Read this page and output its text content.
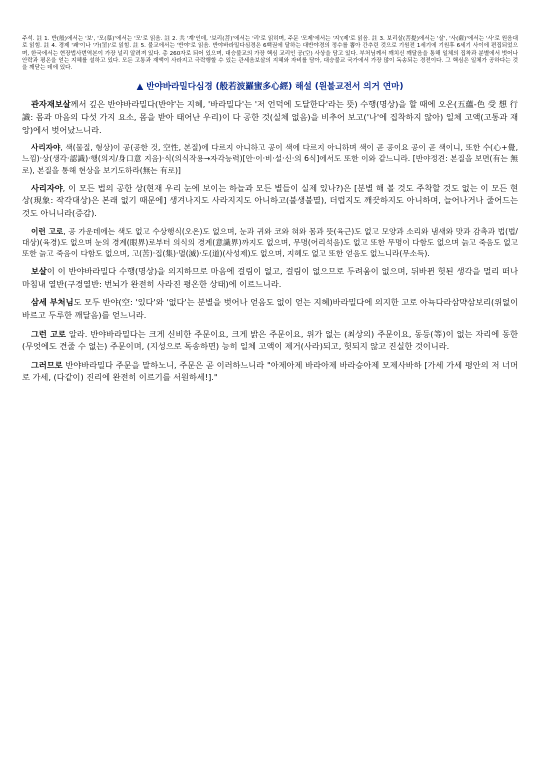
주석. 註 1. 반(般)에서는 '보', '모(慕)'에서는 '모'로 읽음. 註 2. 共 '계'인데, '보리(菩)'에서는 '리'로 읽히며, 주문 '모제'에서는 '지'(제'로 읽음. 註 3. 보리살(菩提)에서는 '살', '사(薩)'에서는 '사'로 원음대로 읽힘. 註 4. 경제 '괘'이나 '가(罣)'로 읽힘. 註 5. 불교에서는 '반야'로 읽음. 반야바라밀다심경은 6백권에 달하는 대반야경의 정수를 뽑아 간추린 것으로 기원전 1세기에 기원후 6세기 사이에 편집되었으며, 한국에서는 현장법사번역본이 가장 널리 알려져 있다. 총 260자로 되어 있으며, 대승불교의 가장 핵심 교리인 공(空) 사상을 담고 있다. 부처님께서 깨치신 깨달음을 통해 일체의 집착과 분별에서 벗어나 안락과 평온을 얻는 지혜를 설하고 있다. 모든 고통과 재액이 사라지고 극락행할 수 있는 관세음보살의 지혜와 자비를 담아, 대승불교 국가에서 가장 많이 독송되는 경전이다. 그 핵심은 일체가 공하다는 것을 깨닫는 데에 있다.
▲ 반야바라밀다심경 (般若波羅蜜多心經) 해설 (원불교전서 의거 연마)
관자재보살께서 깊은 반야바라밀다(반야'는 지혜, '바라밀다'는 '저 언덕에 도달한다'라는 뜻) 수행(명상)을 할 때에 오온(五蘊-色 受 想 行 識: 몸과 마음의 다섯 가지 요소, 몸을 받아 태어난 우리)이 다 공한 것(실체 없음)을 비추어 보고('나'에 집착하지 않아) 일체 고액(고통과 재앙)에서 벗어났느니라.
사리자야, 색(물질, 형상)이 공(공한 것, 空性, 본질)에 다르지 아니하고 공이 색에 다르지 아니하며 색이 곧 공이요 공이 곧 색이니, 또한 수(心+覺, 느낌)·상(생각·認識)·행(의지/身口意 지음)·식(의식작용→자각능력)[안·이·비·설·신·의 6식]에서도 또한 이와 같느니라. [반야정견: 본질을 보면(有는 無로), 본질을 통해 현상을 보기도하라(無는 有로)]
사리자야, 이 모든 법의 공한 상(현재 우리 눈에 보이는 하늘과 모든 별들이 실제 있나?)은 [분별 해 볼 것도 주착할 것도 없는 이 모든 현상(現象: 작각대상)은 본래 없기 때문에] 생겨나지도 사라지지도 아니하고(불생불멸), 더럽지도 깨끗하지도 아니하며, 늘어나거나 줄어드는 것도 아니니라(증감).
이런 고로, 공 가운데에는 색도 없고 수상행식(오온)도 없으며, 눈과 귀와 코와 혀와 몸과 뜻(육근)도 없고 모양과 소리와 냄새와 맛과 감촉과 법(법/대상)(육경)도 없으며 눈의 경계(眼界)로부터 의식의 경계(意識界)까지도 없으며, 무명(어리석음)도 없고 또한 무명이 다함도 없으며 늙고 죽음도 없고 또한 늙고 죽음이 다함도 없으며, 고(苦)·집(集)·멸(滅)·도(道)(사성제)도 없으며, 지혜도 없고 또한 얻음도 없느니라(무소득).
보살이 이 반야바라밀다 수행(명상)을 의지하므로 마음에 걸림이 없고, 걸림이 없으므로 두려움이 없으며, 뒤바뀐 헛된 생각을 멀리 떠나 마침내 열반(구경열반: 번뇌가 완전히 사라진 평온한 상태)에 이르느니라.
삼세 부처님도 모두 반야(空: '있다'와 '없다'는 분별을 벗어나 얻음도 없이 얻는 지혜)바라밀다에 의지한 고로 아뇩다라삼먁삼보리(위없이 바르고 두루한 깨달음)를 얻느니라.
그런 고로 알라. 반야바라밀다는 크게 신비한 주문이요, 크게 밝은 주문이요, 위가 없는 (최상의) 주문이요, 동등(等)이 없는 자리에 동한 (무엇에도 견줄 수 없는) 주문이며, (지성으로 독송하면) 능히 일체 고액이 제거(사라)되고, 헛되지 않고 진실한 것이니라.
그러므로 반야바라밀다 주문을 말하노니, 주문은 곧 이러하느니라 "아제아제 바라아제 바라승아제 모제사바하 [가세 가세 평안의 저 너머로 가세, (다같이) 진리에 완전히 이르기를 서원하세!]."
